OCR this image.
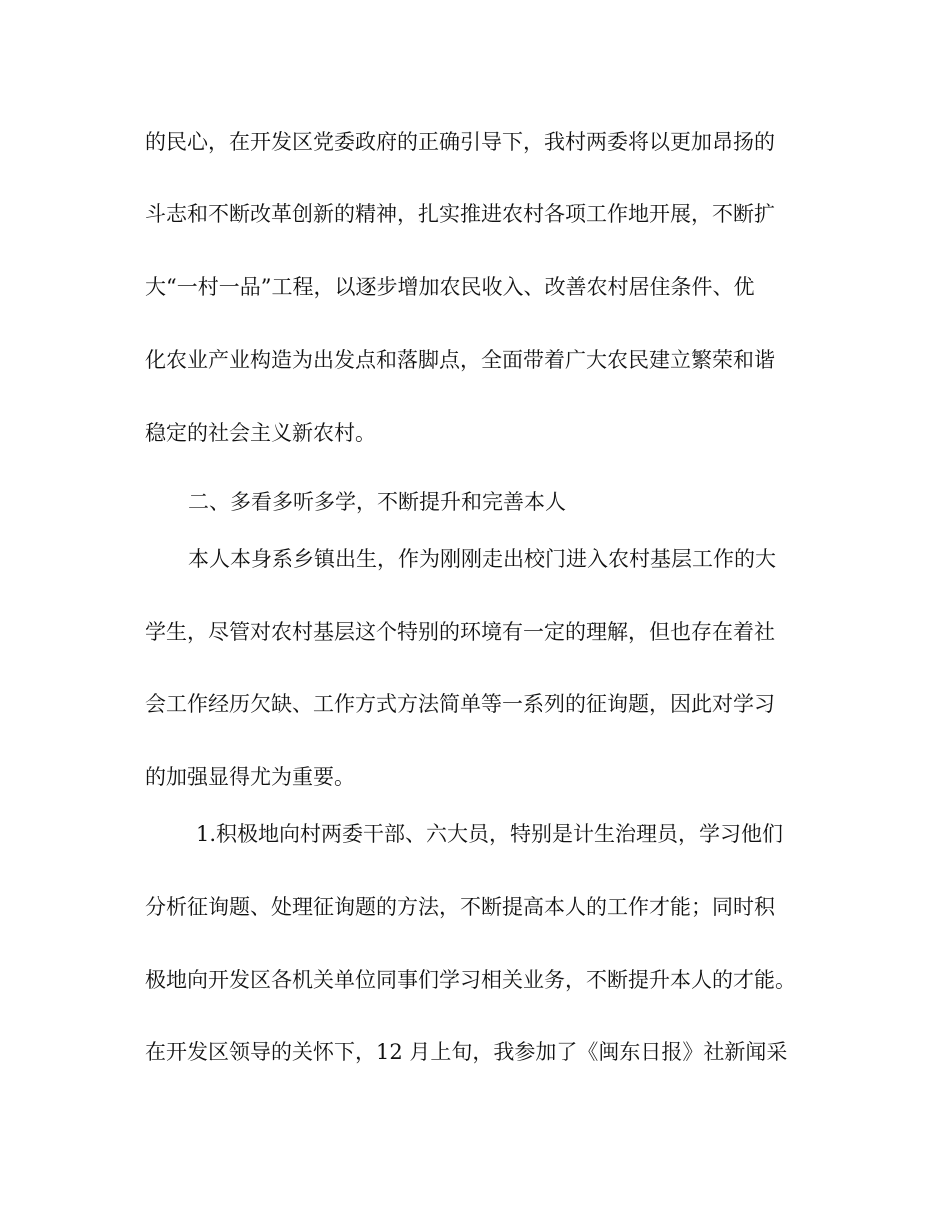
的民心，在开发区党委政府的正确引导下，我村两委将以更加昂扬的
斗志和不断改革创新的精神，扎实推进农村各项工作地开展，不断扩
大“一村一品”工程，以逐步增加农民收入、改善农村居住条件、优
化农业产业构造为出发点和落脚点，全面带着广大农民建立繁荣和谐
稳定的社会主义新农村。
二、多看多听多学，不断提升和完善本人
本人本身系乡镇出生，作为刚刚走出校门进入农村基层工作的大
学生，尽管对农村基层这个特别的环境有一定的理解，但也存在着社
会工作经历欠缺、工作方式方法简单等一系列的征询题，因此对学习
的加强显得尤为重要。
1.积极地向村两委干部、六大员，特别是计生治理员，学习他们
分析征询题、处理征询题的方法，不断提高本人的工作才能；同时积
极地向开发区各机关单位同事们学习相关业务，不断提升本人的才能。
在开发区领导的关怀下，12 月上旬，我参加了《闽东日报》社新闻采
